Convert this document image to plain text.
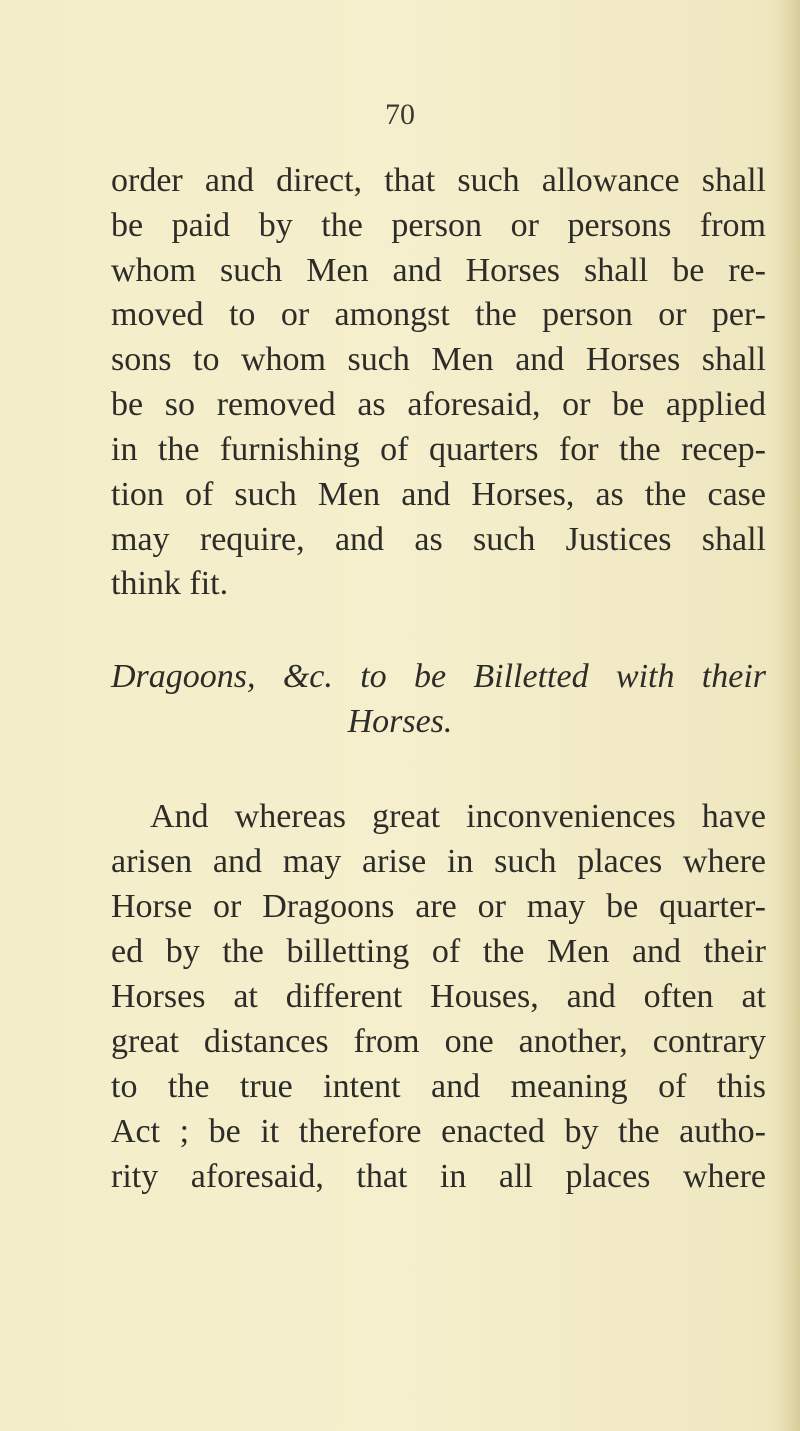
70
order and direct, that such allowance shall
be paid by the person or persons from
whom such Men and Horses shall be re-
moved to or amongst the person or per-
sons to whom such Men and Horses shall
be so removed as aforesaid, or be applied
in the furnishing of quarters for the recep-
tion of such Men and Horses, as the case
may require, and as such Justices shall
think fit.
Dragoons, &c. to be Billetted with their
Horses.
And whereas great inconveniences have
arisen and may arise in such places where
Horse or Dragoons are or may be quarter-
ed by the billetting of the Men and their
Horses at different Houses, and often at
great distances from one another, contrary
to the true intent and meaning of this
Act ; be it therefore enacted by the autho-
rity aforesaid, that in all places where
